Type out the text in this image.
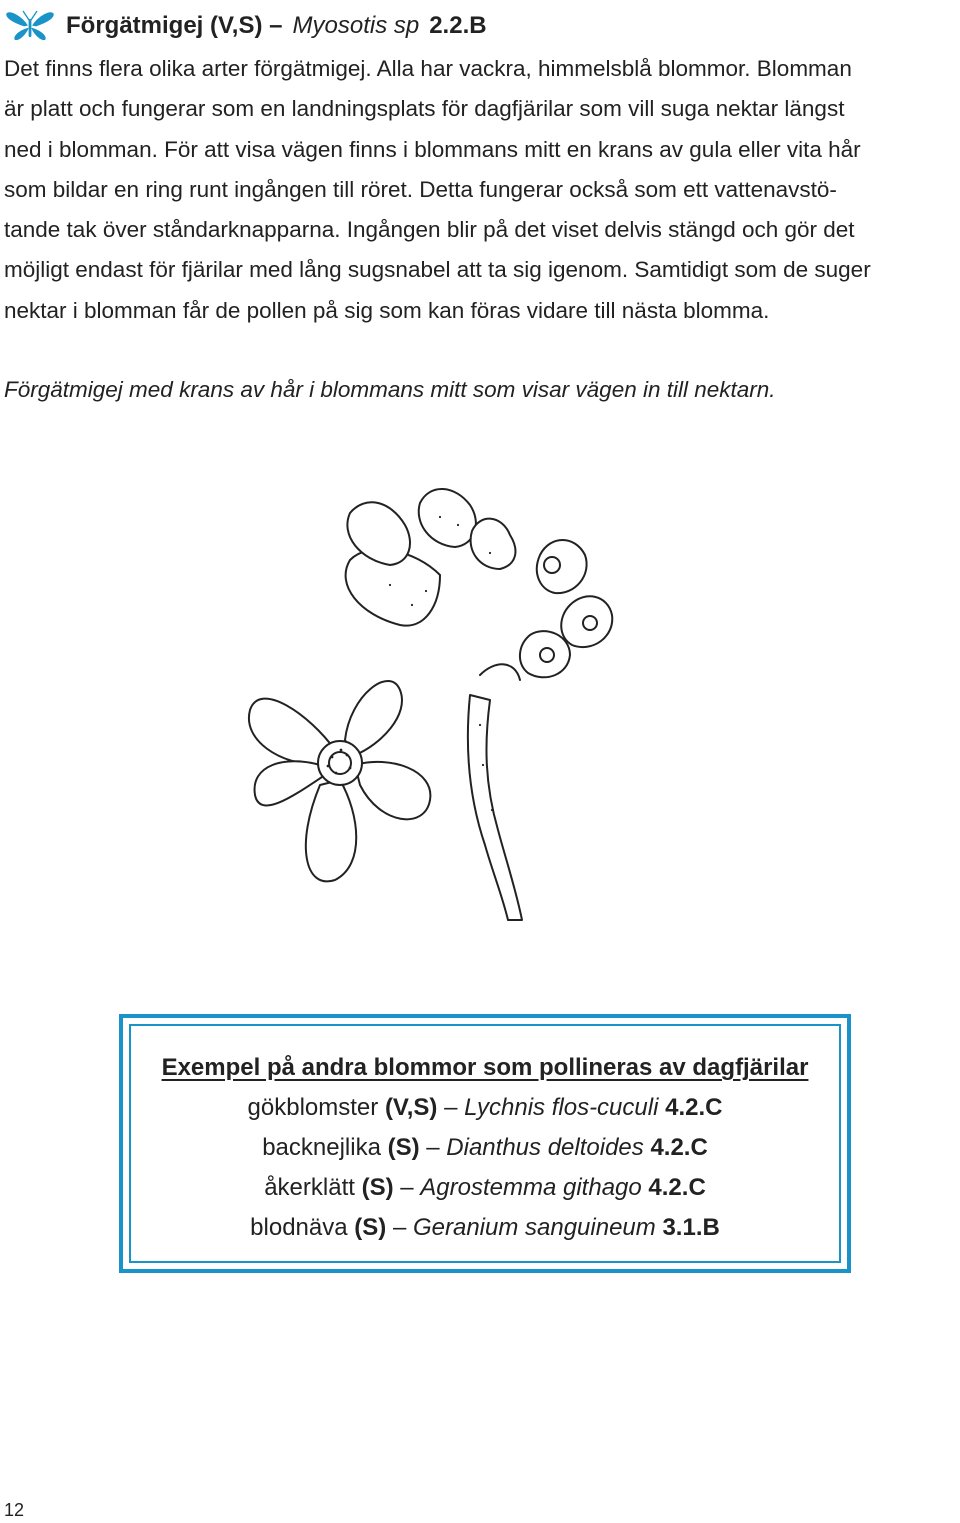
Förgätmigej (V,S) – Myosotis sp 2.2.B

Det finns flera olika arter förgätmigej. Alla har vackra, himmelsblå blommor. Blomman
är platt och fungerar som en landningsplats för dagfjärilar som vill suga nektar längst
ned i blomman. För att visa vägen finns i blommans mitt en krans av gula eller vita hår
som bildar en ring runt ingången till röret. Detta fungerar också som ett vattenavstö-
tande tak över ståndarknapparna. Ingången blir på det viset delvis stängd och gör det
möjligt endast för fjärilar med lång sugsnabel att ta sig igenom. Samtidigt som de suger
nektar i blomman får de pollen på sig som kan föras vidare till nästa blomma.

Förgätmigej med krans av hår i blommans mitt som visar vägen in till nektarn.

Exempel på andra blommor som pollineras av dagfjärilar
gökblomster (V,S) – Lychnis flos-cuculi 4.2.C
backnejlika (S) – Dianthus deltoides 4.2.C
åkerklätt (S) – Agrostemma githago 4.2.C
blodnäva (S) – Geranium sanguineum 3.1.B
12
